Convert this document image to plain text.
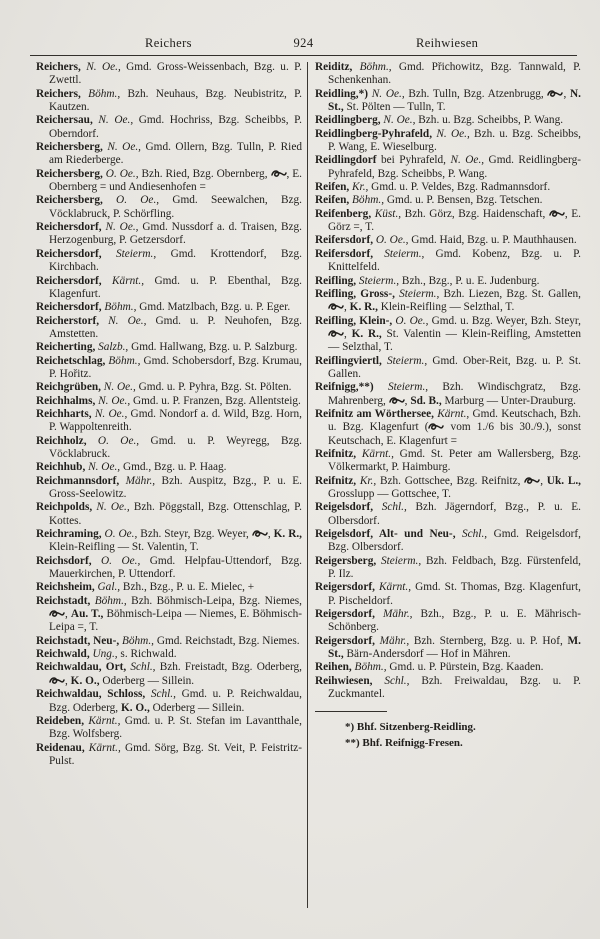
Reichers	924	Reihwiesen

Reichers, N. Oe., Gmd. Gross-Weissenbach, Bzg. u. P. Zwettl.

Reichers, Böhm., Bzh. Neuhaus, Bzg. Neubistritz, P. Kautzen.

Reichersau, N. Oe., Gmd. Hochriss, Bzg. Scheibbs, P. Oberndorf.

Reichersberg, N. Oe., Gmd. Ollern, Bzg. Tulln, P. Ried am Riederberge.

Reichersberg, O. Oe., Bzh. Ried, Bzg. Obernberg,
, E. Obernberg = und Andiesenhofen =

Reichersberg, O. Oe., Gmd. Seewalchen, Bzg. Vöcklabruck, P. Schörfling.

Reichersdorf, N. Oe., Gmd. Nussdorf a. d. Traisen, Bzg. Herzogenburg, P. Getzersdorf.

Reichersdorf, Steierm., Gmd. Krottendorf, Bzg. Kirchbach.

Reichersdorf, Kärnt., Gmd. u. P. Ebenthal, Bzg. Klagenfurt.

Reichersdorf, Böhm., Gmd. Matzlbach, Bzg. u. P. Eger.

Reicherstorf, N. Oe., Gmd. u. P. Neuhofen, Bzg. Amstetten.

Reicherting, Salzb., Gmd. Hallwang, Bzg. u. P. Salzburg.

Reichetschlag, Böhm., Gmd. Schobersdorf, Bzg. Krumau, P. Hořitz.

Reichgrüben, N. Oe., Gmd. u. P. Pyhra, Bzg. St. Pölten.

Reichhalms, N. Oe., Gmd. u. P. Franzen, Bzg. Allentsteig.

Reichharts, N. Oe., Gmd. Nondorf a. d. Wild, Bzg. Horn, P. Wappoltenreith.

Reichholz, O. Oe., Gmd. u. P. Weyregg, Bzg. Vöcklabruck.

Reichhub, N. Oe., Gmd., Bzg. u. P. Haag.

Reichmannsdorf, Mähr., Bzh. Auspitz, Bzg., P. u. E. Gross-Seelowitz.

Reichpolds, N. Oe., Bzh. Pöggstall, Bzg. Ottenschlag, P. Kottes.

Reichraming, O. Oe., Bzh. Steyr, Bzg. Weyer,
, K. R., Klein-Reifling — St. Valentin, T.

Reichsdorf, O. Oe., Gmd. Helpfau-Uttendorf, Bzg. Mauerkirchen, P. Uttendorf.

Reichsheim, Gal., Bzh., Bzg., P. u. E. Mielec, +

Reichstadt, Böhm., Bzh. Böhmisch-Leipa, Bzg. Niemes,
, Au. T., Böhmisch-Leipa — Niemes, E. Böhmisch-Leipa =, T.

Reichstadt, Neu-, Böhm., Gmd. Reichstadt, Bzg. Niemes.

Reichwald, Ung., s. Richwald.

Reichwaldau, Ort, Schl., Bzh. Freistadt, Bzg. Oderberg,
, K. O., Oderberg — Sillein.

Reichwaldau, Schloss, Schl., Gmd. u. P. Reichwaldau, Bzg. Oderberg, K. O., Oderberg — Sillein.

Reideben, Kärnt., Gmd. u. P. St. Stefan im Lavantthale, Bzg. Wolfsberg.

Reidenau, Kärnt., Gmd. Sörg, Bzg. St. Veit, P. Feistritz-Pulst.

Reiditz, Böhm., Gmd. Přichowitz, Bzg. Tannwald, P. Schenkenhan.

Reidling,*) N. Oe., Bzh. Tulln, Bzg. Atzenbrugg,
, N. St., St. Pölten — Tulln, T.

Reidlingberg, N. Oe., Bzh. u. Bzg. Scheibbs, P. Wang.

Reidlingberg-Pyhrafeld, N. Oe., Bzh. u. Bzg. Scheibbs, P. Wang, E. Wieselburg.

Reidlingdorf bei Pyhrafeld, N. Oe., Gmd. Reidlingberg-Pyhrafeld, Bzg. Scheibbs, P. Wang.

Reifen, Kr., Gmd. u. P. Veldes, Bzg. Radmannsdorf.

Reifen, Böhm., Gmd. u. P. Bensen, Bzg. Tetschen.

Reifenberg, Küst., Bzh. Görz, Bzg. Haidenschaft,
, E. Görz =, T.

Reifersdorf, O. Oe., Gmd. Haid, Bzg. u. P. Mauthhausen.

Reifersdorf, Steierm., Gmd. Kobenz, Bzg. u. P. Knittelfeld.

Reifling, Steierm., Bzh., Bzg., P. u. E. Judenburg.

Reifling, Gross-, Steierm., Bzh. Liezen, Bzg. St. Gallen,
, K. R., Klein-Reifling — Selzthal, T.

Reifling, Klein-, O. Oe., Gmd. u. Bzg. Weyer, Bzh. Steyr,
, K. R., St. Valentin — Klein-Reifling, Amstetten — Selzthal, T.

Reiflingviertl, Steierm., Gmd. Ober-Reit, Bzg. u. P. St. Gallen.

Reifnigg,**) Steierm., Bzh. Windischgratz, Bzg. Mahrenberg,
, Sd. B., Marburg — Unter-Drauburg.

Reifnitz am Wörthersee, Kärnt., Gmd. Keutschach, Bzh. u. Bzg. Klagenfurt (
vom 1./6 bis 30./9.), sonst Keutschach, E. Klagenfurt =

Reifnitz, Kärnt., Gmd. St. Peter am Wallersberg, Bzg. Völkermarkt, P. Haimburg.

Reifnitz, Kr., Bzh. Gottschee, Bzg. Reifnitz,
, Uk. L., Grosslupp — Gottschee, T.

Reigelsdorf, Schl., Bzh. Jägerndorf, Bzg., P. u. E. Olbersdorf.

Reigelsdorf, Alt- und Neu-, Schl., Gmd. Reigelsdorf, Bzg. Olbersdorf.

Reigersberg, Steierm., Bzh. Feldbach, Bzg. Fürstenfeld, P. Ilz.

Reigersdorf, Kärnt., Gmd. St. Thomas, Bzg. Klagenfurt, P. Pischeldorf.

Reigersdorf, Mähr., Bzh., Bzg., P. u. E. Mährisch-Schönberg.

Reigersdorf, Mähr., Bzh. Sternberg, Bzg. u. P. Hof, M. St., Bärn-Andersdorf — Hof in Mähren.

Reihen, Böhm., Gmd. u. P. Pürstein, Bzg. Kaaden.

Reihwiesen, Schl., Bzh. Freiwaldau, Bzg. u. P. Zuckmantel.

*) Bhf. Sitzenberg-Reidling.

**) Bhf. Reifnigg-Fresen.
